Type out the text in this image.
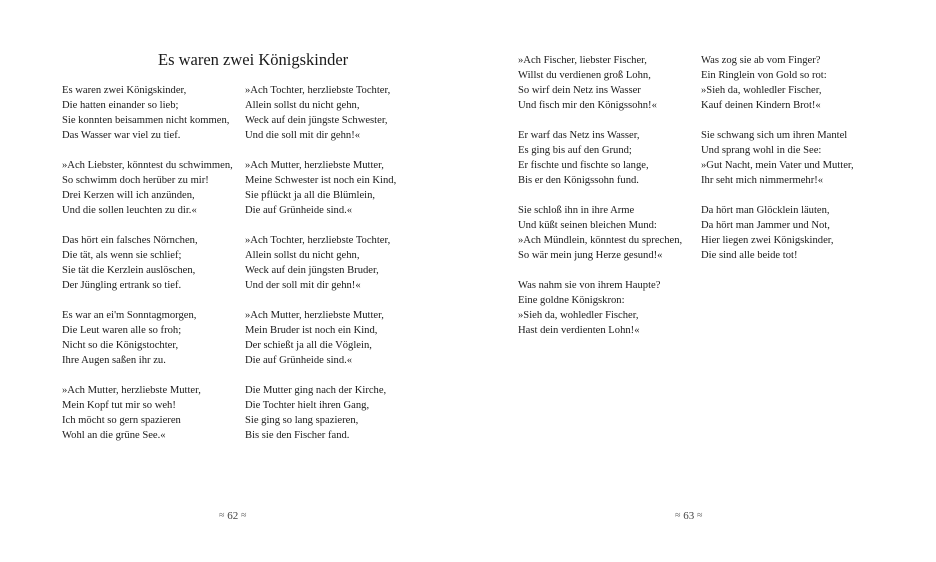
Es waren zwei Königskinder
Es waren zwei Königskinder,
Die hatten einander so lieb;
Sie konnten beisammen nicht kommen,
Das Wasser war viel zu tief.
»Ach Liebster, könntest du schwimmen,
So schwimm doch herüber zu mir!
Drei Kerzen will ich anzünden,
Und die sollen leuchten zu dir.«
Das hört ein falsches Nörnchen,
Die tät, als wenn sie schlief;
Sie tät die Kerzlein auslöschen,
Der Jüngling ertrank so tief.
Es war an ei'm Sonntagmorgen,
Die Leut waren alle so froh;
Nicht so die Königstochter,
Ihre Augen saßen ihr zu.
»Ach Mutter, herzliebste Mutter,
Mein Kopf tut mir so weh!
Ich möcht so gern spazieren
Wohl an die grüne See.«
»Ach Tochter, herzliebste Tochter,
Allein sollst du nicht gehn,
Weck auf dein jüngste Schwester,
Und die soll mit dir gehn!«
»Ach Mutter, herzliebste Mutter,
Meine Schwester ist noch ein Kind,
Sie pflückt ja all die Blümlein,
Die auf Grünheide sind.«
»Ach Tochter, herzliebste Tochter,
Allein sollst du nicht gehn,
Weck auf dein jüngsten Bruder,
Und der soll mit dir gehn!«
»Ach Mutter, herzliebste Mutter,
Mein Bruder ist noch ein Kind,
Der schießt ja all die Vöglein,
Die auf Grünheide sind.«
Die Mutter ging nach der Kirche,
Die Tochter hielt ihren Gang,
Sie ging so lang spazieren,
Bis sie den Fischer fand.
≈ 62 ≈
»Ach Fischer, liebster Fischer,
Willst du verdienen groß Lohn,
So wirf dein Netz ins Wasser
Und fisch mir den Königssohn!«
Er warf das Netz ins Wasser,
Es ging bis auf den Grund;
Er fischte und fischte so lange,
Bis er den Königssohn fund.
Sie schloß ihn in ihre Arme
Und küßt seinen bleichen Mund:
»Ach Mündlein, könntest du sprechen,
So wär mein jung Herze gesund!«
Was nahm sie von ihrem Haupte?
Eine goldne Königskron:
»Sieh da, wohledler Fischer,
Hast dein verdienten Lohn!«
Was zog sie ab vom Finger?
Ein Ringlein von Gold so rot:
»Sieh da, wohledler Fischer,
Kauf deinen Kindern Brot!«
Sie schwang sich um ihren Mantel
Und sprang wohl in die See:
»Gut Nacht, mein Vater und Mutter,
Ihr seht mich nimmermehr!«
Da hört man Glöcklein läuten,
Da hört man Jammer und Not,
Hier liegen zwei Königskinder,
Die sind alle beide tot!
≈ 63 ≈
